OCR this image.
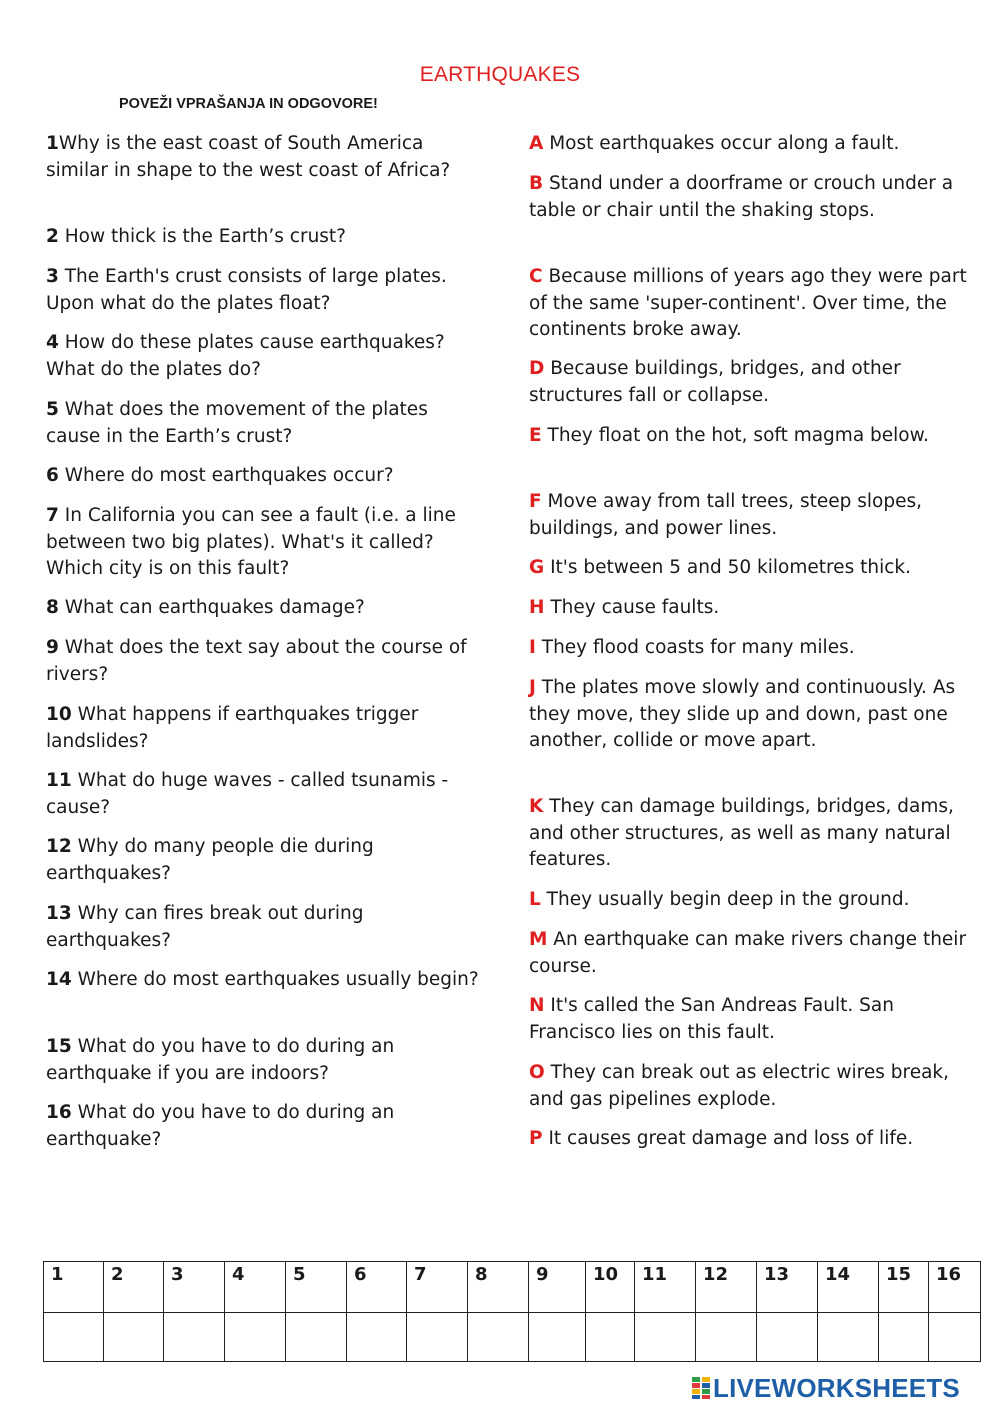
EARTHQUAKES
POVEŽI VPRAŠANJA IN ODGOVORE!
1Why is the east coast of South America similar in shape to the west coast of Africa?
2 How thick is the Earth’s crust?
3 The Earth's crust consists of large plates. Upon what do the plates float?
4 How do these plates cause earthquakes? What do the plates do?
5 What does the movement of the plates cause in the Earth’s crust?
6 Where do most earthquakes occur?
7 In California you can see a fault (i.e. a line between two big plates). What's it called? Which city is on this fault?
8 What can earthquakes damage?
9 What does the text say about the course of rivers?
10 What happens if earthquakes trigger landslides?
11 What do huge waves - called tsunamis - cause?
12 Why do many people die during earthquakes?
13 Why can fires break out during earthquakes?
14 Where do most earthquakes usually begin?
15 What do you have to do during an earthquake if you are indoors?
16 What do you have to do during an earthquake?
A Most earthquakes occur along a fault.
B Stand under a doorframe or crouch under a table or chair until the shaking stops.
C Because millions of years ago they were part of the same 'super-continent'. Over time, the continents broke away.
D Because buildings, bridges, and other structures fall or collapse.
E They float on the hot, soft magma below.
F Move away from tall trees, steep slopes, buildings, and power lines.
G It's between 5 and 50 kilometres thick.
H They cause faults.
I They flood coasts for many miles.
J The plates move slowly and continuously. As they move, they slide up and down, past one another, collide or move apart.
K They can damage buildings, bridges, dams, and other structures, as well as many natural features.
L They usually begin deep in the ground.
M An earthquake can make rivers change their course.
N It's called the San Andreas Fault. San Francisco lies on this fault.
O They can break out as electric wires break, and gas pipelines explode.
P It causes great damage and loss of life.
1	2	3	4	5	6	7	8	9	10	11	12	13	14	15	16

LIVEWORKSHEETS
